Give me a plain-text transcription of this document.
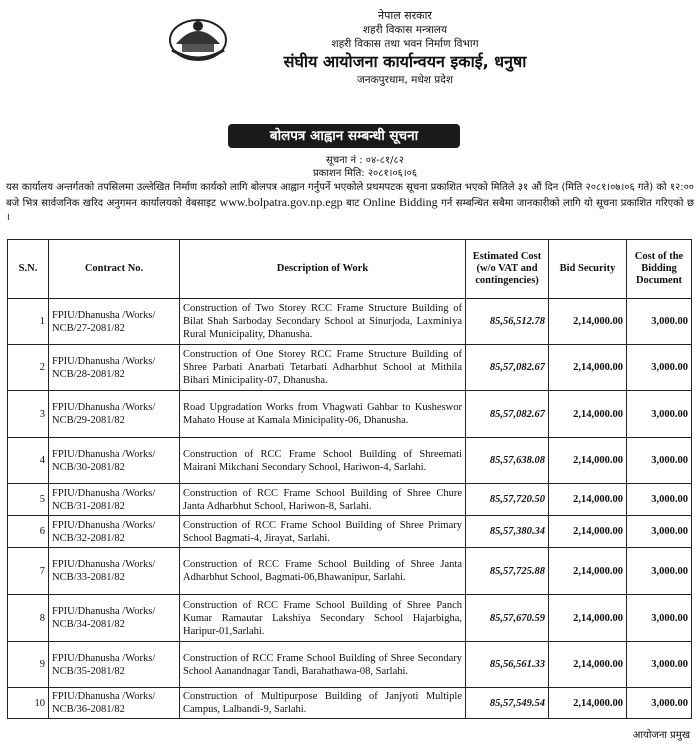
नेपाल सरकार
शहरी विकास मन्त्रालय
शहरी विकास तथा भवन निर्माण विभाग
संघीय आयोजना कार्यान्वयन इकाई, धनुषा
जनकपुरधाम, मधेश प्रदेश
बोलपत्र आह्वान सम्बन्धी सूचना
सूचना नं : ०४-८१/८२
प्रकाशन मिति: २०८१।०६।०६
यस कार्यालय अन्तर्गतको तपसिलमा उल्लेखित निर्माण कार्यको लागि बोलपत्र आह्वान गर्नुपर्ने भएकोले प्रथमपटक सूचना प्रकाशित भएको मितिले ३१ औं दिन (मिति २०८१।०७।०६ गते) को १२:०० बजे भित्र सार्वजनिक खरिद अनुगमन कार्यालयको वेबसाइट www.bolpatra.gov.np.egp बाट Online Bidding गर्न सम्बन्धित सबैमा जानकारीको लागि यो सूचना प्रकाशित गरिएको छ ।
S.N.	Contract No.	Description of Work	Estimated Cost (w/o VAT and contingencies)	Bid Security	Cost of the Bidding Document
1	FPIU/Dhanusha /Works/ NCB/27-2081/82	Construction of Two Storey RCC Frame Structure Building of Bilat Shah Sarboday Secondary School at Sinurjoda, Laxminiya Rural Municipality, Dhanusha.	85,56,512.78	2,14,000.00	3,000.00
2	FPIU/Dhanusha /Works/ NCB/28-2081/82	Construction of One Storey RCC Frame Structure Building of Shree Parbati Anarbati Tetarbati Adharbhut School at Mithila Bihari Minicipality-07, Dhanusha.	85,57,082.67	2,14,000.00	3,000.00
3	FPIU/Dhanusha /Works/ NCB/29-2081/82	Road Upgradation Works from Vhagwati Gahbar to Kusheswor Mahato House at Kamala Minicipality-06, Dhanusha.	85,57,082.67	2,14,000.00	3,000.00
4	FPIU/Dhanusha /Works/ NCB/30-2081/82	Construction of RCC Frame School Building of Shreemati Mairani Mikchani Secondary School, Hariwon-4, Sarlahi.	85,57,638.08	2,14,000.00	3,000.00
5	FPIU/Dhanusha /Works/ NCB/31-2081/82	Construction of RCC Frame School Building of Shree Chure Janta Adharbhut School, Hariwon-8, Sarlahi.	85,57,720.50	2,14,000.00	3,000.00
6	FPIU/Dhanusha /Works/ NCB/32-2081/82	Construction of RCC Frame School Building of Shree Primary School Bagmati-4, Jirayat, Sarlahi.	85,57,380.34	2,14,000.00	3,000.00
7	FPIU/Dhanusha /Works/ NCB/33-2081/82	Construction of RCC Frame School Building of Shree Janta Adharbhut School, Bagmati-06,Bhawanipur, Sarlahi.	85,57,725.88	2,14,000.00	3,000.00
8	FPIU/Dhanusha /Works/ NCB/34-2081/82	Construction of RCC Frame School Building of Shree Panch Kumar Ramautar Lakshiya Secondary School Hajarbigha, Haripur-01,Sarlahi.	85,57,670.59	2,14,000.00	3,000.00
9	FPIU/Dhanusha /Works/ NCB/35-2081/82	Construction of RCC Frame School Building of Shree Secondary School Aanandnagar Tandi, Barahathawa-08, Sarlahi.	85,56,561.33	2,14,000.00	3,000.00
10	FPIU/Dhanusha /Works/ NCB/36-2081/82	Construction of Multipurpose Building of Janjyoti Multiple Campus, Lalbandi-9, Sarlahi.	85,57,549.54	2,14,000.00	3,000.00
आयोजना प्रमुख
